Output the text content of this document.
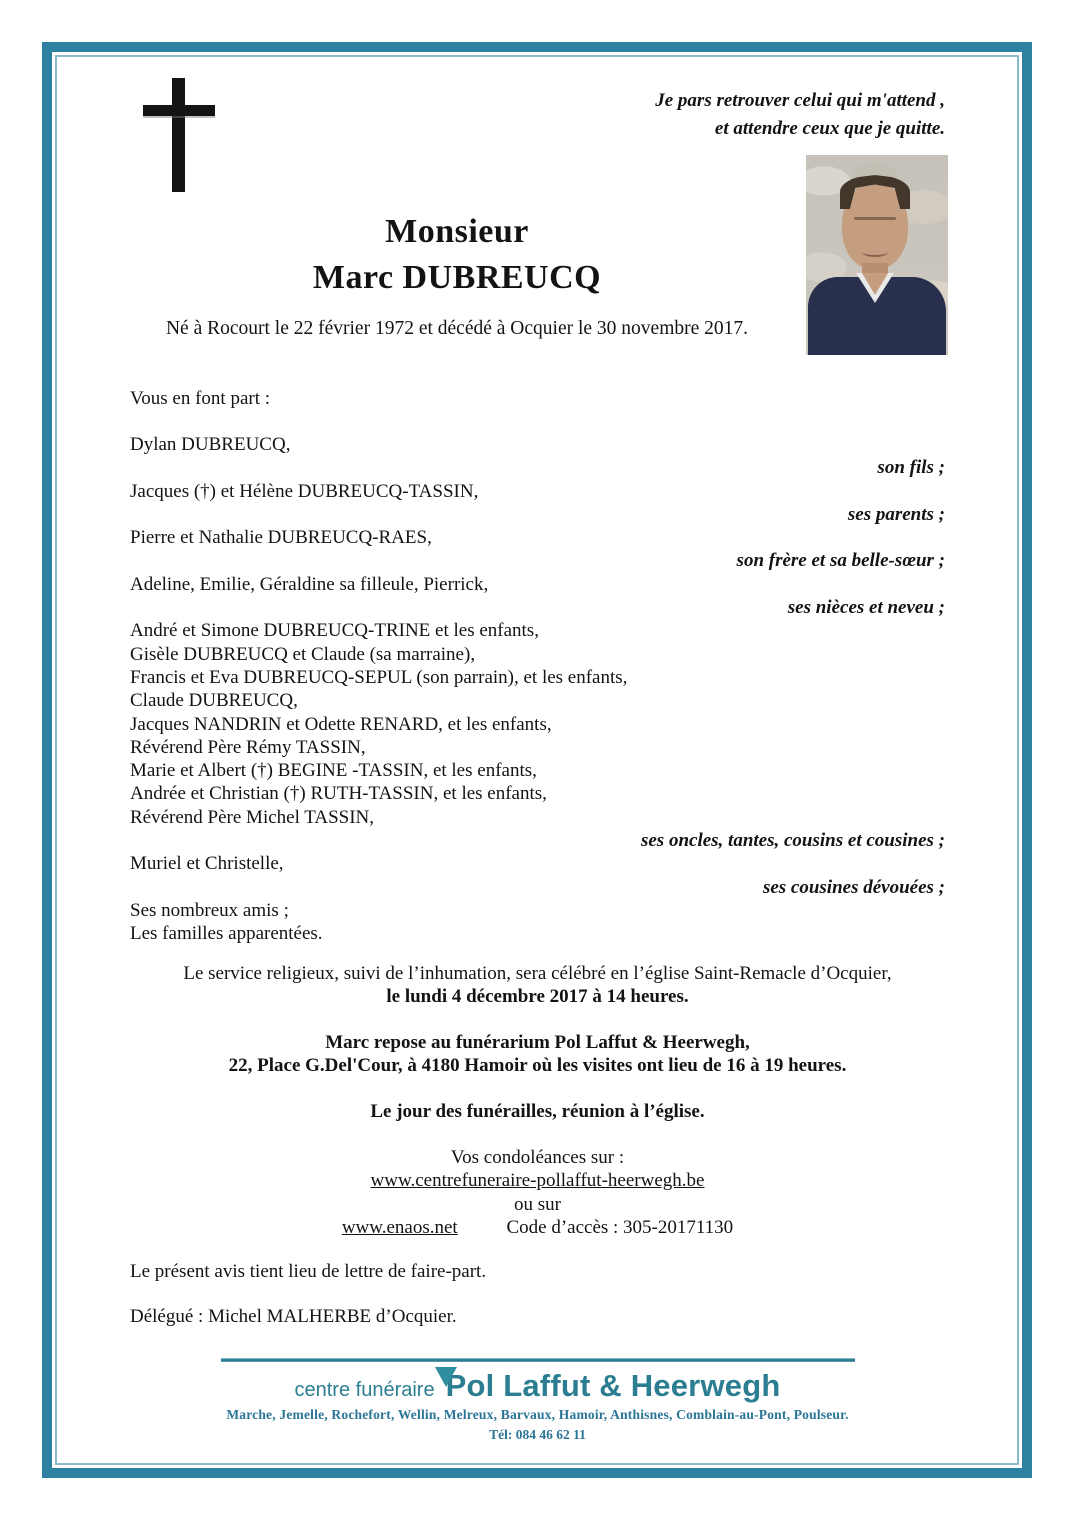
Je pars retrouver celui qui m'attend ,
et attendre ceux que je quitte.
Monsieur
Marc DUBREUCQ
Né à Rocourt le 22 février 1972 et décédé à Ocquier le 30 novembre 2017.
Vous en font part :
Dylan DUBREUCQ,
son fils ;
Jacques (†) et Hélène DUBREUCQ-TASSIN,
ses parents ;
Pierre et Nathalie DUBREUCQ-RAES,
son frère et sa belle-sœur ;
Adeline, Emilie, Géraldine sa filleule, Pierrick,
ses nièces et neveu ;
André et Simone DUBREUCQ-TRINE et les enfants,
Gisèle DUBREUCQ et Claude (sa marraine),
Francis et Eva DUBREUCQ-SEPUL (son parrain), et les enfants,
Claude DUBREUCQ,
Jacques NANDRIN et Odette RENARD, et les enfants,
Révérend Père Rémy TASSIN,
Marie et Albert (†) BEGINE -TASSIN, et les enfants,
Andrée et Christian (†) RUTH-TASSIN, et les enfants,
Révérend Père Michel TASSIN,
ses oncles, tantes, cousins et cousines ;
Muriel et Christelle,
ses cousines dévouées ;
Ses nombreux amis ;
Les familles apparentées.
Le service religieux, suivi de l’inhumation, sera célébré en l’église Saint-Remacle d’Ocquier,
le lundi 4 décembre 2017 à 14 heures.
Marc repose au funérarium Pol Laffut & Heerwegh,
22, Place G.Del'Cour, à 4180 Hamoir où les visites ont lieu de 16 à 19 heures.
Le jour des funérailles, réunion à l’église.
Vos condoléances sur :
www.centrefuneraire-pollaffut-heerwegh.be
ou sur
www.enaos.net	Code d’accès : 305-20171130
Le présent avis tient lieu de lettre de faire-part.
Délégué : Michel MALHERBE d’Ocquier.
centre funéraire Pol Laffut & Heerwegh
Marche, Jemelle, Rochefort, Wellin, Melreux, Barvaux, Hamoir, Anthisnes, Comblain-au-Pont, Poulseur.
Tél: 084 46 62 11
